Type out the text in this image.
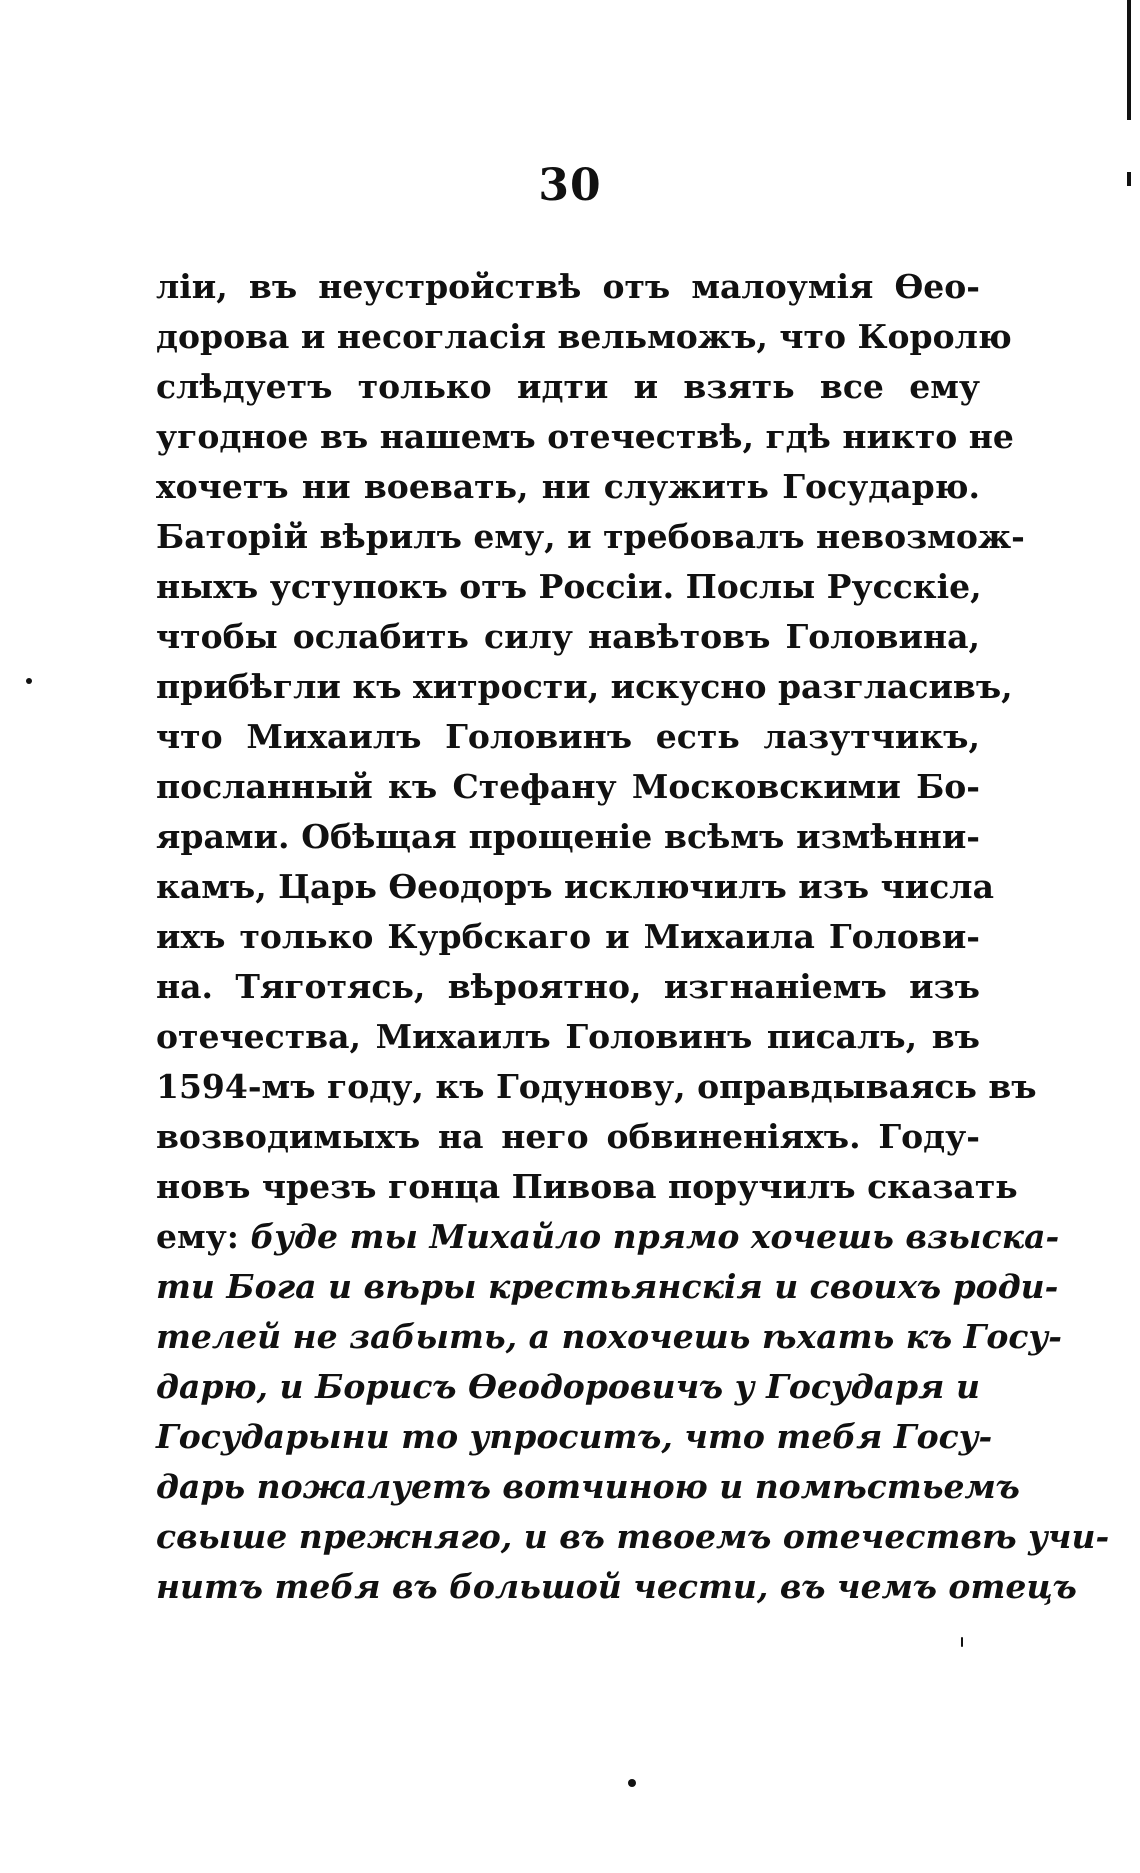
30
ліи, въ неустройствѣ отъ малоумія Ѳео-
дорова и несогласія вельможъ, что Королю
слѣдуетъ только идти и взять все ему
угодное въ нашемъ отечествѣ, гдѣ никто не
хочетъ ни воевать, ни служить Государю.
Баторій вѣрилъ ему, и требовалъ невозмож-
ныхъ уступокъ отъ Россіи. Послы Русскіе,
чтобы ослабить силу навѣтовъ Головина,
прибѣгли къ хитрости, искусно разгласивъ,
что Михаилъ Головинъ есть лазутчикъ,
посланный къ Стефану Московскими Бо-
ярами. Обѣщая прощеніе всѣмъ измѣнни-
камъ, Царь Ѳеодоръ исключилъ изъ числа
ихъ только Курбскаго и Михаила Голови-
на. Тяготясь, вѣроятно, изгнаніемъ изъ
отечества, Михаилъ Головинъ писалъ, въ
1594-мъ году, къ Годунову, оправдываясь въ
возводимыхъ на него обвиненіяхъ. Году-
новъ чрезъ гонца Пивова поручилъ сказать
ему: буде ты Михайло прямо хочешь взыска-
ти Бога и вѣры крестьянскія и своихъ роди-
телей не забыть, а похочешь ѣхать къ Госу-
дарю, и Борисъ Ѳеодоровичъ у Государя и
Государыни то упроситъ, что тебя Госу-
дарь пожалуетъ вотчиною и помѣстьемъ
свыше прежняго, и въ твоемъ отечествѣ учи-
нитъ тебя въ большой чести, въ чемъ отецъ
